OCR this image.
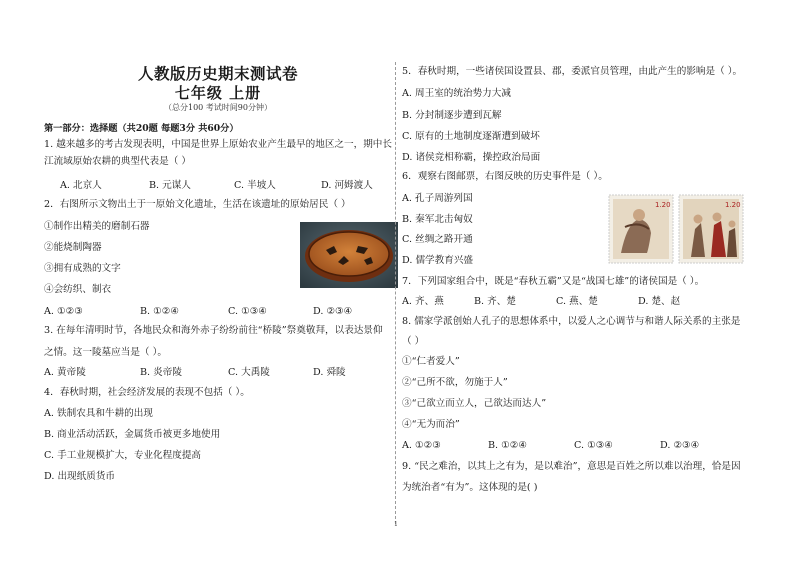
人教版历史期末测试卷
七年级 上册
（总分100 考试时间90分钟）
第一部分：选择题（共20题 每题3分 共60分）
1. 越来越多的考古发现表明，中国是世界上原始农业产生最早的地区之一，期中长
江流域原始农耕的典型代表是（ ）
A. 北京人	B. 元谋人	C. 半坡人	D. 河姆渡人
2．右图所示文物出土于一原始文化遗址，生活在该遗址的原始居民（ ）
①制作出精美的磨制石器
②能烧制陶器
③拥有成熟的文字
④会纺织、制衣
A. ①②③	B. ①②④	C. ①③④	D. ②③④
3. 在每年清明时节，各地民众和海外赤子纷纷前往“桥陵”祭奠敬拜，以表达景仰
之情。这一陵墓应当是（ ）。
A. 黄帝陵	B. 炎帝陵	C. 大禹陵	D. 舜陵
4．春秋时期，社会经济发展的表现不包括（ ）。
A. 铁制农具和牛耕的出现
B. 商业活动活跃，金属货币被更多地使用
C. 手工业规模扩大，专业化程度提高
D. 出现纸质货币
5．春秋时期，一些诸侯国设置县、郡，委派官员管理，由此产生的影响是（ ）。
A. 周王室的统治势力大减
B. 分封制逐步遭到瓦解
C. 原有的土地制度逐渐遭到破坏
D. 诸侯竞相称霸，操控政治局面
6．观察右图邮票，右图反映的历史事件是（ ）。
A. 孔子周游列国
B. 秦军北击匈奴
C. 丝绸之路开通
D. 儒学教育兴盛
1.20	1.20
7．下列国家组合中，既是“春秋五霸”又是“战国七雄”的诸侯国是（ ）。
A. 齐、燕	B. 齐、楚	C. 燕、楚	D. 楚、赵
8. 儒家学派创始人孔子的思想体系中，以爱人之心调节与和谐人际关系的主张是
（ ）
①“仁者爱人”
②“己所不欲，勿施于人”
③“己欲立而立人，己欲达而达人”
④“无为而治”
A. ①②③	B. ①②④	C. ①③④	D. ②③④
9. “民之难治，以其上之有为，是以难治”，意思是百姓之所以难以治理，恰是因
为统治者“有为”。这体现的是( )
1
